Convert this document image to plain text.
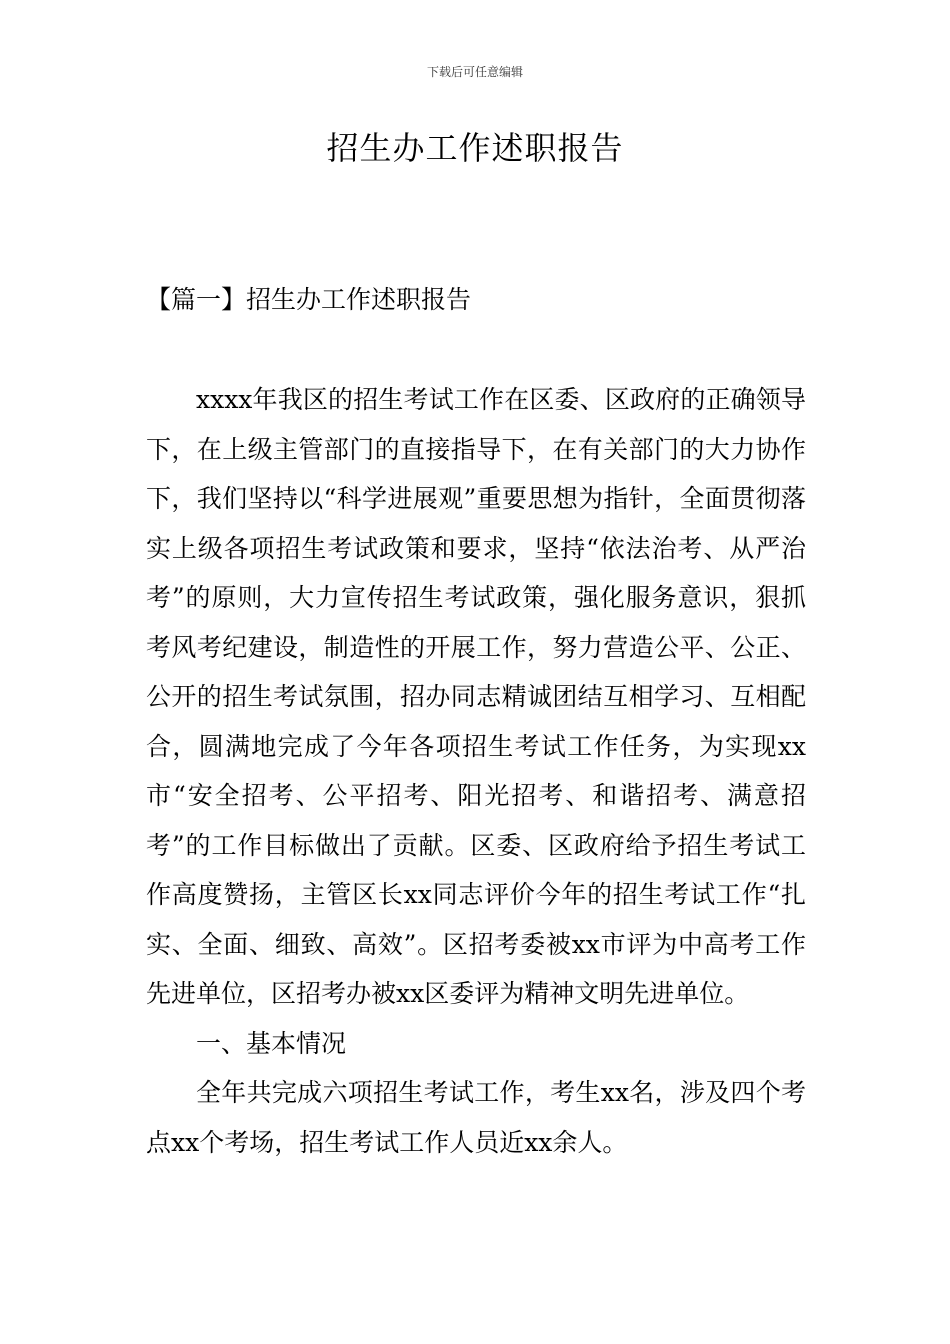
下载后可任意编辑
招生办工作述职报告
【篇一】招生办工作述职报告

xxxx年我区的招生考试工作在区委、区政府的正确领导下，在上级主管部门的直接指导下，在有关部门的大力协作下，我们坚持以“科学进展观”重要思想为指针，全面贯彻落实上级各项招生考试政策和要求，坚持“依法治考、从严治考”的原则，大力宣传招生考试政策，强化服务意识，狠抓考风考纪建设，制造性的开展工作，努力营造公平、公正、公开的招生考试氛围，招办同志精诚团结互相学习、互相配合，圆满地完成了今年各项招生考试工作任务，为实现xx市“安全招考、公平招考、阳光招考、和谐招考、满意招考”的工作目标做出了贡献。区委、区政府给予招生考试工作高度赞扬，主管区长xx同志评价今年的招生考试工作“扎实、全面、细致、高效”。区招考委被xx市评为中高考工作先进单位，区招考办被xx区委评为精神文明先进单位。

一、基本情况

全年共完成六项招生考试工作，考生xx名，涉及四个考点xx个考场，招生考试工作人员近xx余人。
